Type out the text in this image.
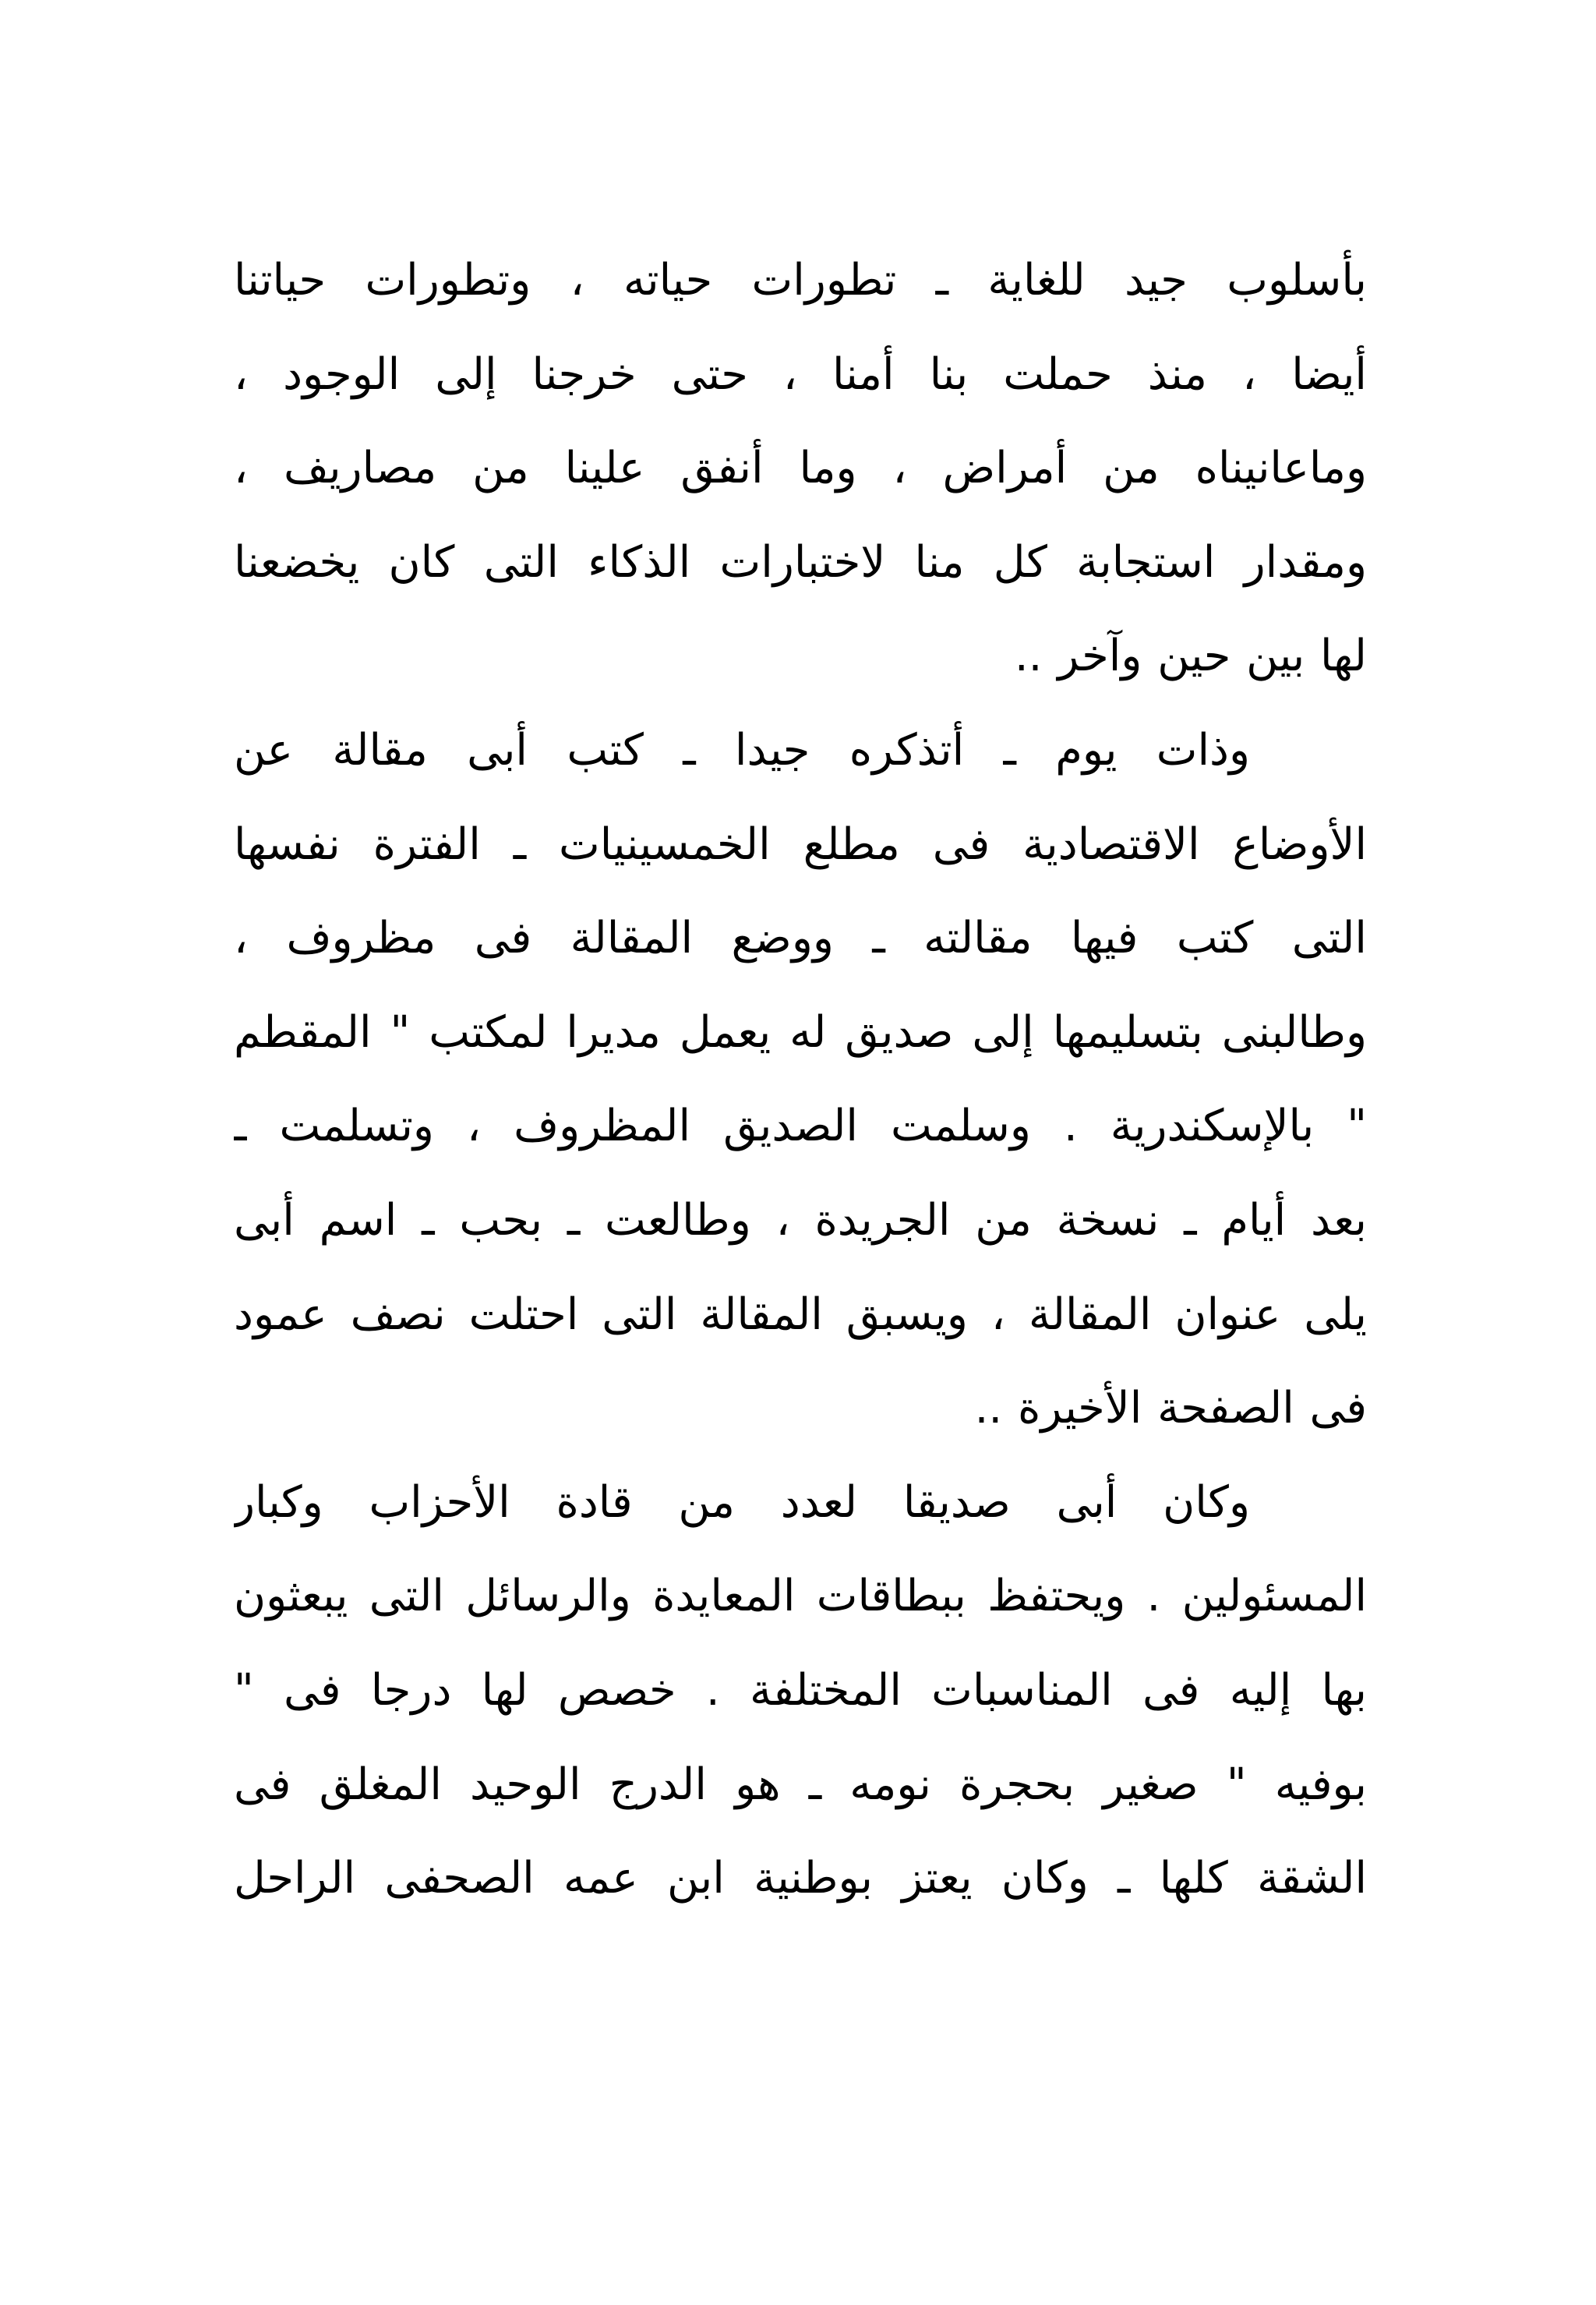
بأسلوب جيد للغاية ـ تطورات حياته ، وتطورات حياتنا
أيضا ، منذ حملت بنا أمنا ، حتى خرجنا إلى الوجود ،
وماعانيناه من أمراض ، وما أنفق علينا من مصاريف ،
ومقدار استجابة كل منا لاختبارات الذكاء التى كان يخضعنا
لها بين حين وآخر ..
وذات يوم ـ أتذكره جيدا ـ كتب أبى مقالة عن
الأوضاع الاقتصادية فى مطلع الخمسينيات ـ الفترة نفسها
التى كتب فيها مقالته ـ ووضع المقالة فى مظروف ،
وطالبنى بتسليمها إلى صديق له يعمل مديرا لمكتب " المقطم
" بالإسكندرية . وسلمت الصديق المظروف ، وتسلمت ـ
بعد أيام ـ نسخة من الجريدة ، وطالعت ـ بحب ـ اسم أبى
يلى عنوان المقالة ، ويسبق المقالة التى احتلت نصف عمود
فى الصفحة الأخيرة ..
وكان أبى صديقا لعدد من قادة الأحزاب وكبار
المسئولين . ويحتفظ ببطاقات المعايدة والرسائل التى يبعثون
بها إليه فى المناسبات المختلفة . خصص لها درجا فى "
بوفيه " صغير بحجرة نومه ـ هو الدرج الوحيد المغلق فى
الشقة كلها ـ وكان يعتز بوطنية ابن عمه الصحفى الراحل
